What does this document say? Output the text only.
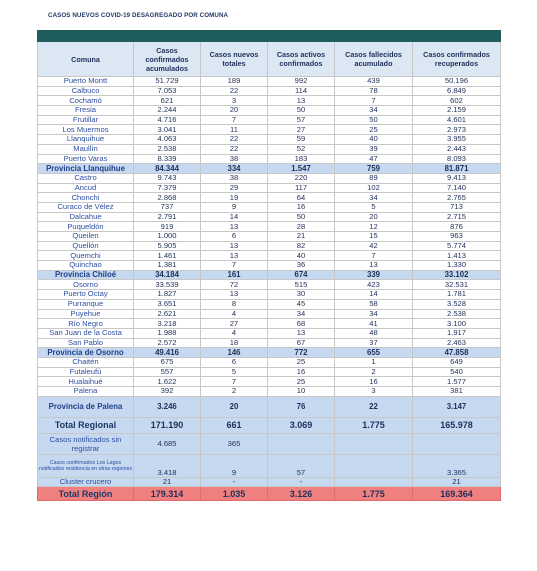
CASOS NUEVOS COVID-19 DESAGREGADO POR COMUNA

Comuna	Casos confirmados acumulados	Casos nuevos totales	Casos activos confirmados	Casos fallecidos acumulado	Casos confirmados recuperados
Puerto Montt	51.729	189	992	439	50.196
Calbuco	7.053	22	114	78	6.849
Cochamó	621	3	13	7	602
Fresia	2.244	20	50	34	2.159
Frutillar	4.716	7	57	50	4.601
Los Muermos	3.041	11	27	25	2.973
Llanquihue	4.063	22	59	40	3.955
Maullín	2.538	22	52	39	2.443
Puerto Varas	8.339	38	183	47	8.093
Provincia Llanquihue	84.344	334	1.547	759	81.871
Castro	9.743	38	220	89	9.413
Ancud	7.379	29	117	102	7.140
Chonchi	2.868	19	64	34	2.765
Curaco de Vélez	737	9	16	5	713
Dalcahue	2.791	14	50	20	2.715
Puqueldón	919	13	28	12	876
Queilen	1.000	6	21	15	963
Quellón	5.905	13	82	42	5.774
Quemchi	1.461	13	40	7	1.413
Quinchao	1.381	7	36	13	1.330
Provincia Chiloé	34.184	161	674	339	33.102
Osorno	33.539	72	515	423	32.531
Puerto Octay	1.827	13	30	14	1.781
Purranque	3.651	8	45	58	3.528
Puyehue	2.621	4	34	34	2.538
Río Negro	3.218	27	68	41	3.100
San Juan de la Costa	1.988	4	13	48	1.917
San Pablo	2.572	18	67	37	2.463
Provincia de Osorno	49.416	146	772	655	47.858
Chaitén	675	6	25	1	649
Futaleufú	557	5	16	2	540
Hualaihué	1.622	7	25	16	1.577
Palena	392	2	10	3	381
Provincia de Palena	3.246	20	76	22	3.147
Total Regional	171.190	661	3.069	1.775	165.978
Casos notificados sin registrar	4.685	365			
Casos confirmados Los Lagos notificados residencia en otras regiones	3.418	9	57		3.365
Cluster crucero	21	-	-		21
Total Región	179.314	1.035	3.126	1.775	169.364
